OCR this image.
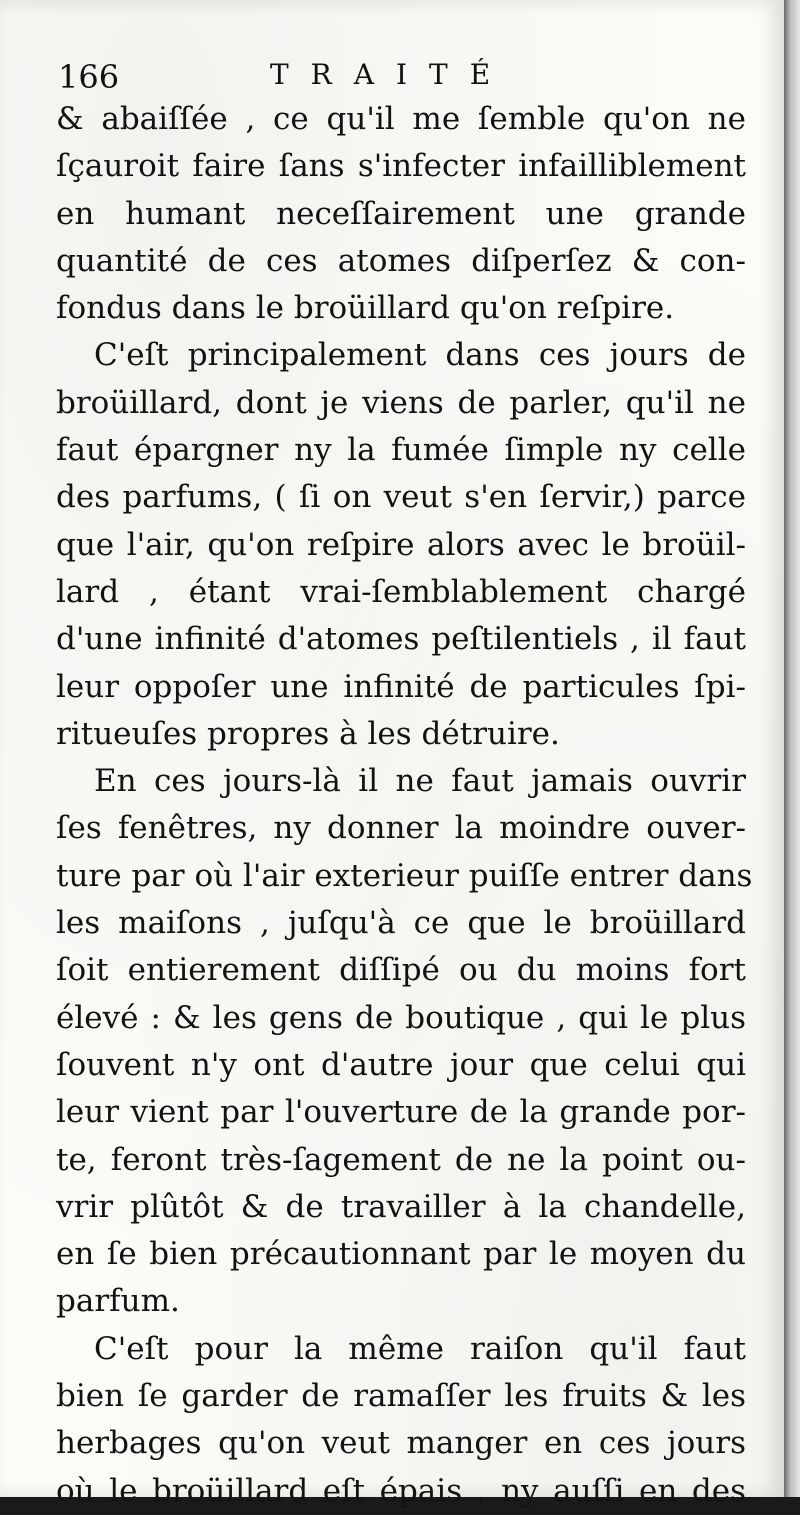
166	TRAITÉ
& abaiſſée , ce qu'il me ſemble qu'on ne
ſçauroit faire ſans s'infecter infailliblement
en humant neceſſairement une grande
quantité de ces atomes diſperſez & con-
fondus dans le broüillard qu'on reſpire.
C'eſt principalement dans ces jours de
broüillard, dont je viens de parler, qu'il ne
faut épargner ny la fumée ſimple ny celle
des parfums, ( ſi on veut s'en ſervir,) parce
que l'air, qu'on reſpire alors avec le broüil-
lard , étant vrai-ſemblablement chargé
d'une infinité d'atomes peſtilentiels , il faut
leur oppoſer une infinité de particules ſpi-
ritueuſes propres à les détruire.
En ces jours-là il ne faut jamais ouvrir
ſes fenêtres, ny donner la moindre ouver-
ture par où l'air exterieur puiſſe entrer dans
les maiſons , juſqu'à ce que le broüillard
ſoit entierement diſſipé ou du moins fort
élevé : & les gens de boutique , qui le plus
ſouvent n'y ont d'autre jour que celui qui
leur vient par l'ouverture de la grande por-
te, feront très-ſagement de ne la point ou-
vrir plûtôt & de travailler à la chandelle,
en ſe bien précautionnant par le moyen du
parfum.
C'eſt pour la même raiſon qu'il faut
bien ſe garder de ramaſſer les fruits & les
herbages qu'on veut manger en ces jours
où le broüillard eſt épais , ny auſſi en des
